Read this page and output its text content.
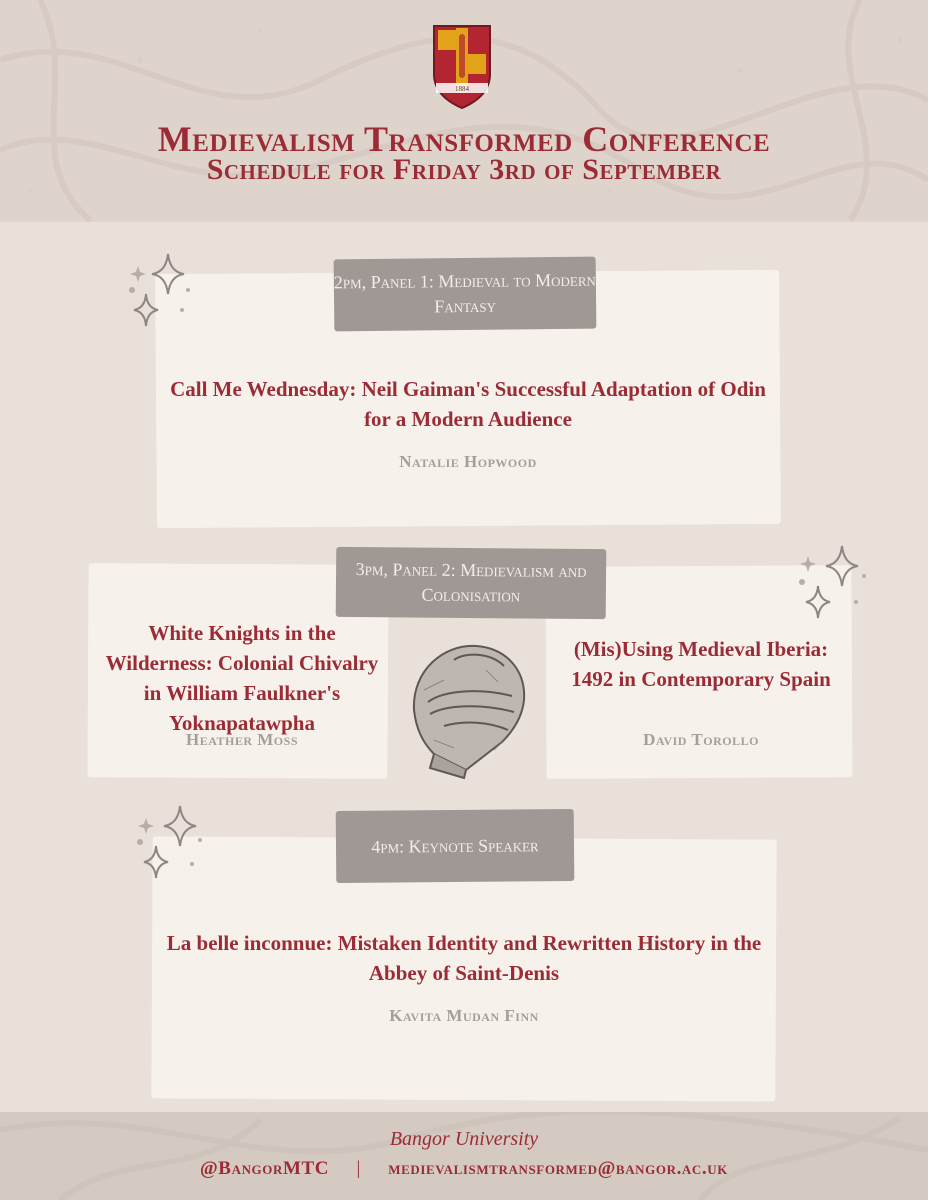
1884
Medievalism Transformed Conference
Schedule for Friday 3rd of September
2pm, Panel 1: Medieval to Modern Fantasy
3pm, Panel 2: Medievalism and Colonisation
4pm: Keynote Speaker
Call Me Wednesday: Neil Gaiman's Successful Adaptation of Odin for a Modern Audience
Natalie Hopwood
White Knights in the Wilderness: Colonial Chivalry in William Faulkner's Yoknapatawpha
Heather Moss
(Mis)Using Medieval Iberia: 1492 in Contemporary Spain
David Torollo
La belle inconnue: Mistaken Identity and Rewritten History in the Abbey of Saint-Denis
Kavita Mudan Finn
Bangor University
@BangorMTC | medievalismtransformed@bangor.ac.uk
